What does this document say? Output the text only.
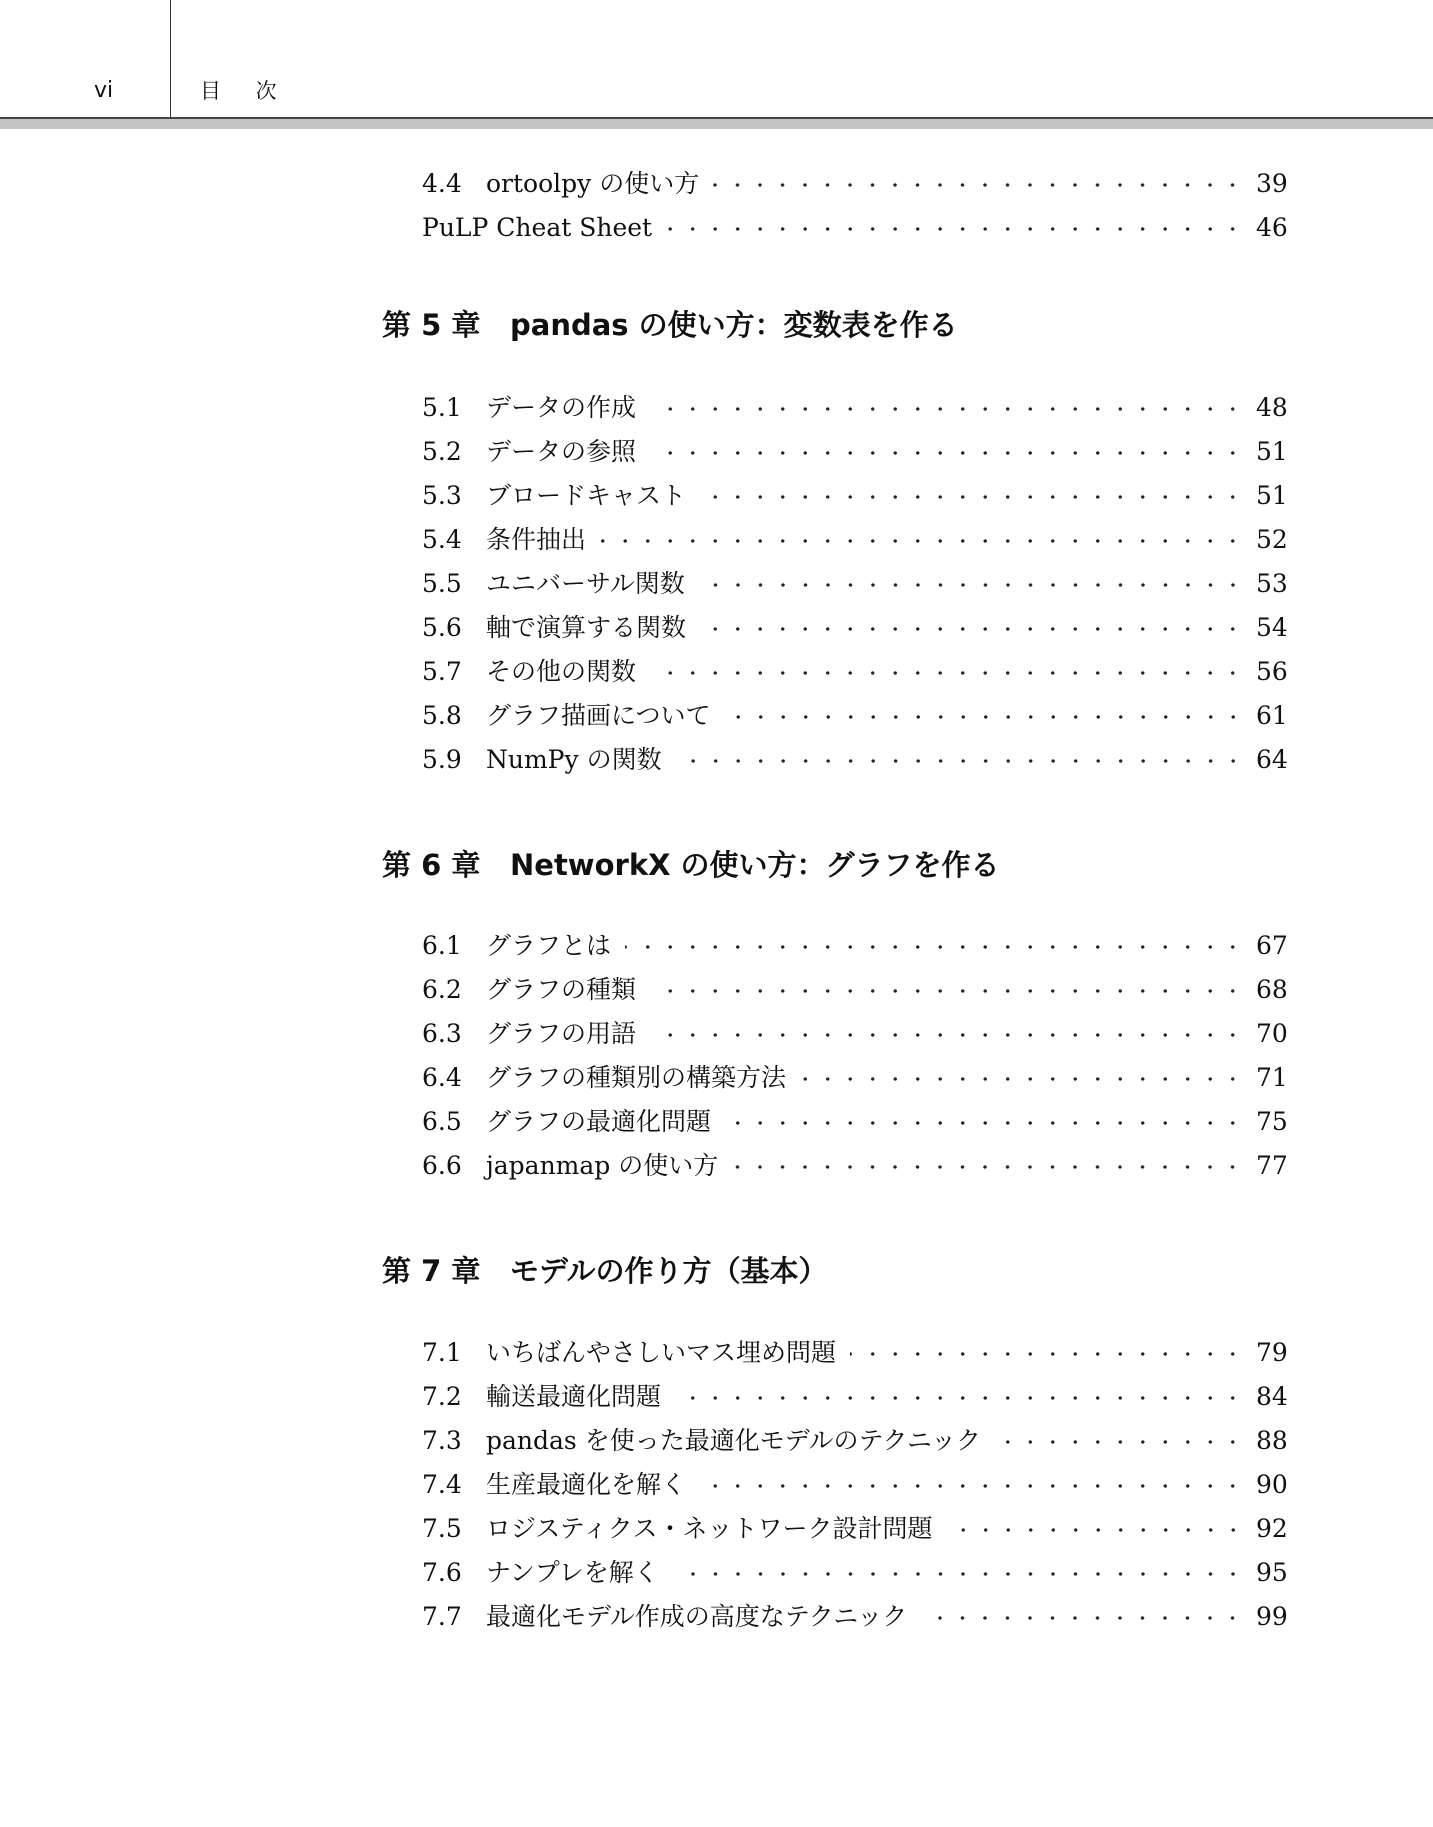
vi	目 次
4.4 ortoolpy の使い方	39
PuLP Cheat Sheet	46
第 5 章	pandas の使い方：変数表を作る
5.1 データの作成	48
5.2 データの参照	51
5.3 ブロードキャスト	51
5.4 条件抽出	52
5.5 ユニバーサル関数	53
5.6 軸で演算する関数	54
5.7 その他の関数	56
5.8 グラフ描画について	61
5.9 NumPy の関数	64
第 6 章	NetworkX の使い方：グラフを作る
6.1 グラフとは	67
6.2 グラフの種類	68
6.3 グラフの用語	70
6.4 グラフの種類別の構築方法	71
6.5 グラフの最適化問題	75
6.6 japanmap の使い方	77
第 7 章	モデルの作り方（基本）
7.1 いちばんやさしいマス埋め問題	79
7.2 輸送最適化問題	84
7.3 pandas を使った最適化モデルのテクニック	88
7.4 生産最適化を解く	90
7.5 ロジスティクス・ネットワーク設計問題	92
7.6 ナンプレを解く	95
7.7 最適化モデル作成の高度なテクニック	99
